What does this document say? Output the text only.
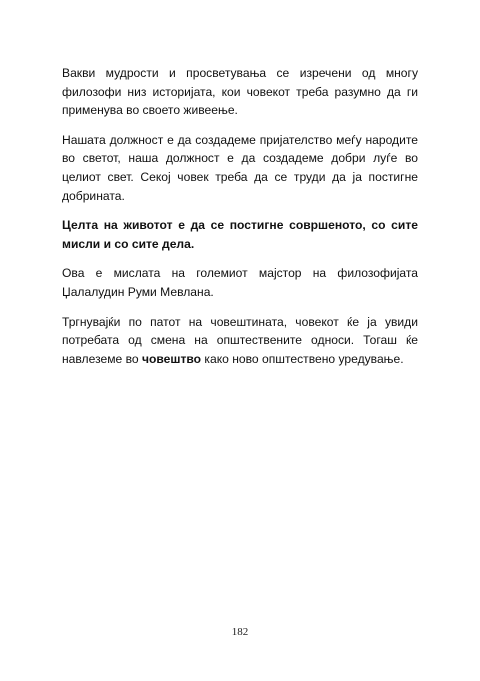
Вакви мудрости и просветувања се изречени од многу филозофи низ историјата, кои човекот треба разумно да ги применува во своето живеење.

Нашата должност е да создадеме пријателство меѓу народите во светот, наша должност е да создадеме добри луѓе во целиот свет. Секој човек треба да се труди да ја постигне добрината.

Целта на животот е да се постигне совршеното, со сите мисли и со сите дела.

Ова е мислата на големиот мајстор на филозофијата Џалалудин Руми Мевлана.

Тргнувајќи по патот на човештината, човекот ќе ја увиди потребата од смена на општествените односи. Тогаш ќе навлеземе во човештво како ново општествено уредување.

182
